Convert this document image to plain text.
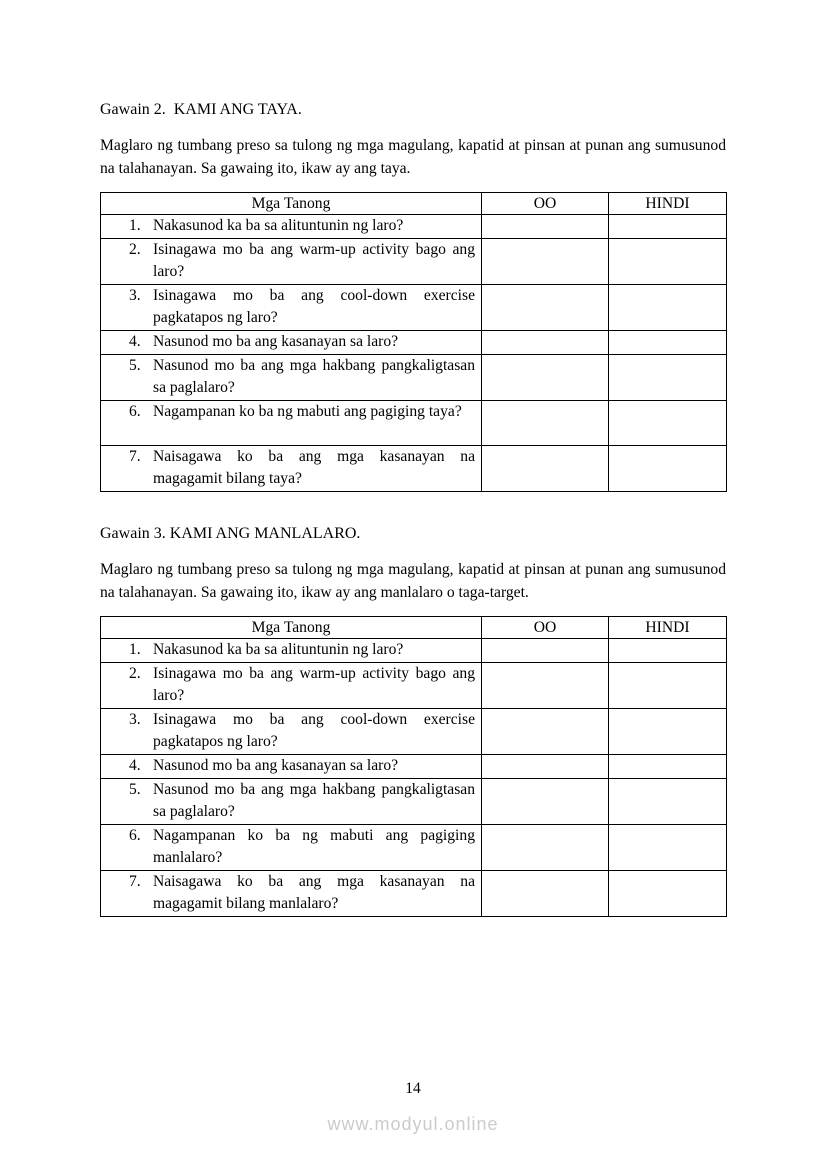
Gawain 2.  KAMI ANG TAYA.
Maglaro ng tumbang preso sa tulong ng mga magulang, kapatid at pinsan at punan ang sumusunod na talahanayan. Sa gawaing ito, ikaw ay ang taya.
Mga Tanong	OO	HINDI

1. Nakasunod ka ba sa alituntunin ng laro?		

2. Isinagawa mo ba ang warm-up activity bago ang laro?		

3. Isinagawa mo ba ang cool-down exercise pagkatapos ng laro?		

4. Nasunod mo ba ang kasanayan sa laro?		

5. Nasunod mo ba ang mga hakbang pangkaligtasan sa paglalaro?		

6. Nagampanan ko ba ng mabuti ang pagiging taya?		

7. Naisagawa ko ba ang mga kasanayan na magagamit bilang taya?		

Gawain 3. KAMI ANG MANLALARO.
Maglaro ng tumbang preso sa tulong ng mga magulang, kapatid at pinsan at punan ang sumusunod na talahanayan. Sa gawaing ito, ikaw ay ang manlalaro o taga-target.
Mga Tanong	OO	HINDI

1. Nakasunod ka ba sa alituntunin ng laro?		

2. Isinagawa mo ba ang warm-up activity bago ang laro?		

3. Isinagawa mo ba ang cool-down exercise pagkatapos ng laro?		

4. Nasunod mo ba ang kasanayan sa laro?		

5. Nasunod mo ba ang mga hakbang pangkaligtasan sa paglalaro?		

6. Nagampanan ko ba ng mabuti ang pagiging manlalaro?		

7. Naisagawa ko ba ang mga kasanayan na magagamit bilang manlalaro?		

14
www.modyul.online
